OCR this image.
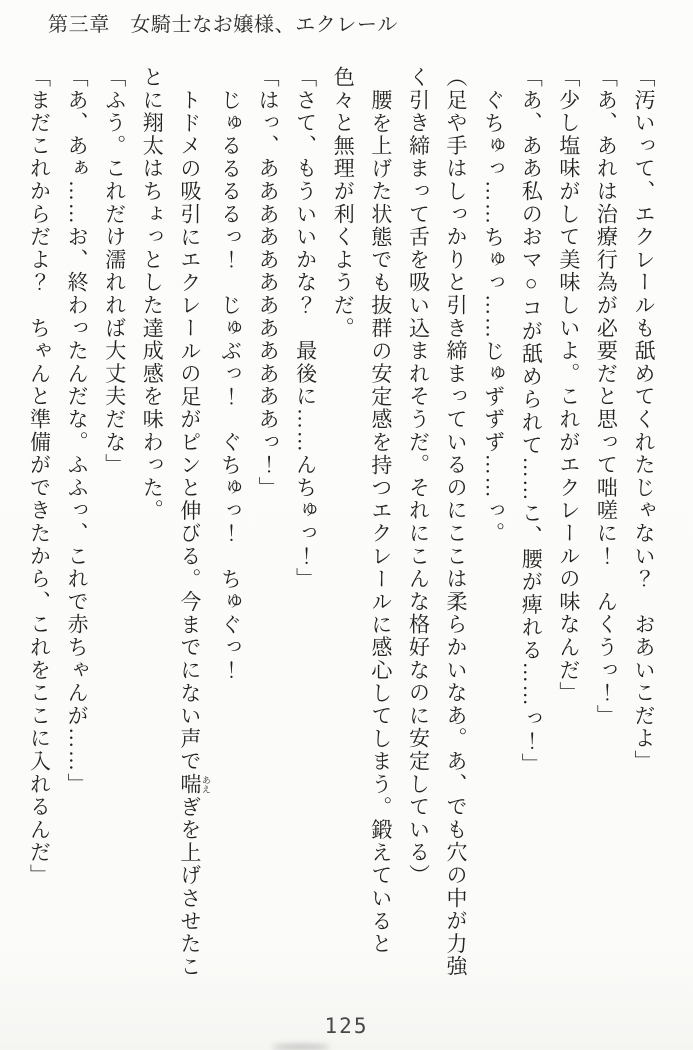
第三章　女騎士なお嬢様、エクレール

「汚いって、エクレールも舐めてくれたじゃない？　おあいこだよ」

「あ、あれは治療行為が必要だと思って咄嗟に！　んくうっ！」

「少し塩味がして美味しいよ。これがエクレールの味なんだ」

「あ、ああ私のおマ○コが舐められて……こ、腰が痺れる……っ！」

ぐちゅっ……ちゅっ……じゅずずず……っ。

（足や手はしっかりと引き締まっているのにここは柔らかいなあ。あ、でも穴の中が力強く引き締まって舌を吸い込まれそうだ。それにこんな格好なのに安定している）

腰を上げた状態でも抜群の安定感を持つエクレールに感心してしまう。鍛えていると色々と無理が利くようだ。

「さて、もういいかな？　最後に……んちゅっ！」

「はっ、ああああああああああああっ！」

じゅるるるるっ！　じゅぶっ！　ぐちゅっ！　ちゅぐっ！

トドメの吸引にエクレールの足がピンと伸びる。今までにない声で喘 あえぎを上げさせたことに翔太はちょっとした達成感を味わった。

「ふう。これだけ濡れれば大丈夫だな」

「あ、あぁ……お、終わったんだな。ふふっ、これで赤ちゃんが……」

「まだこれからだよ？　ちゃんと準備ができたから、これをここに入れるんだ」

125
